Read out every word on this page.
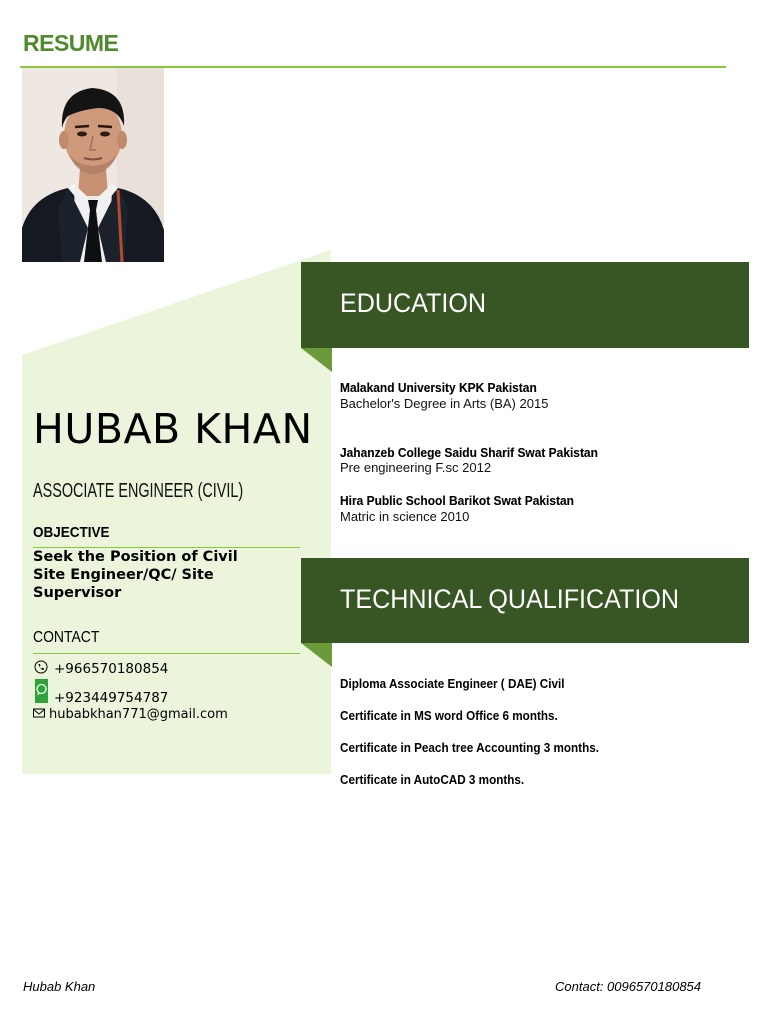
RESUME
HUBAB KHAN
ASSOCIATE ENGINEER (CIVIL)
OBJECTIVE
Seek the Position of Civil Site Engineer/QC/ Site Supervisor
CONTACT
+966570180854
+923449754787
hubabkhan771@gmail.com
EDUCATION
Malakand University KPK Pakistan
Bachelor's Degree in Arts (BA) 2015
Jahanzeb College Saidu Sharif Swat Pakistan
Pre engineering F.sc 2012
Hira Public School Barikot Swat Pakistan
Matric in science 2010
TECHNICAL QUALIFICATION
Diploma Associate Engineer ( DAE) Civil
Certificate in MS word Office 6 months.
Certificate in Peach tree Accounting 3 months.
Certificate in AutoCAD 3 months.
Hubab Khan	Contact: 0096570180854
